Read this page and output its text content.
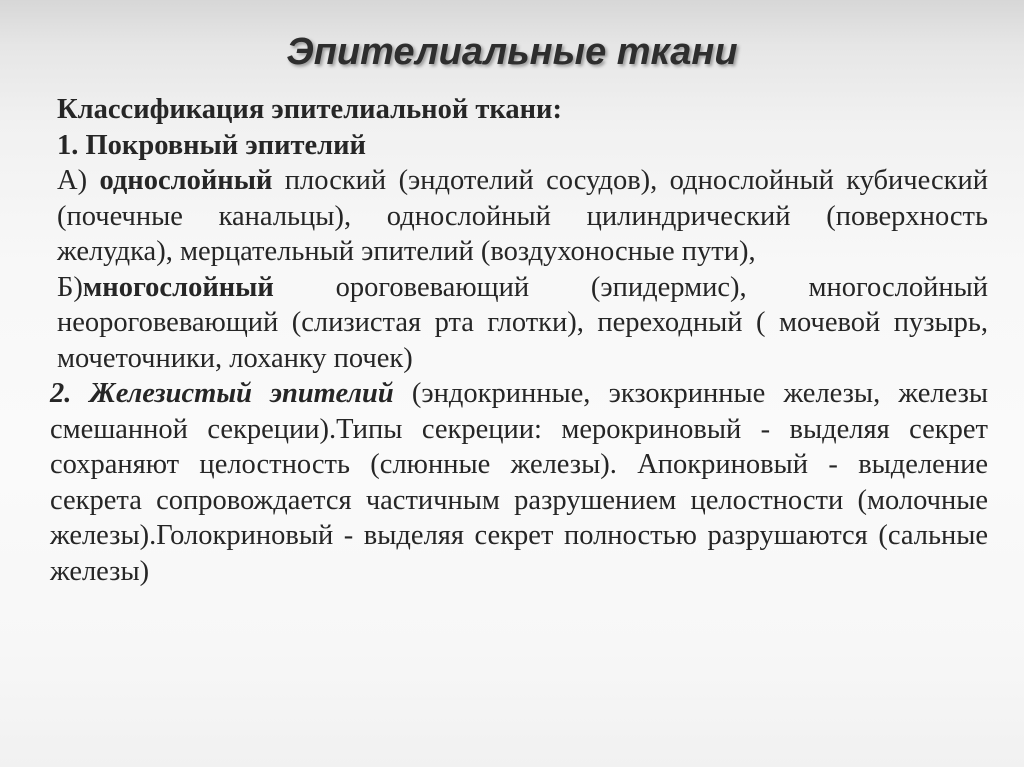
Эпителиальные ткани

Классификация эпителиальной ткани:

1. Покровный эпителий

А) однослойный плоский (эндотелий сосудов), однослойный кубический (почечные канальцы), однослойный цилиндрический (поверхность желудка), мерцательный эпителий (воздухоносные пути),

Б)многослойный ороговевающий (эпидермис), многослойный неороговевающий (слизистая рта глотки), переходный ( мочевой пузырь, мочеточники, лоханку почек)

2. Железистый эпителий (эндокринные, экзокринные железы, железы смешанной секреции).Типы секреции: мерокриновый - выделяя секрет сохраняют целостность (слюнные железы). Апокриновый - выделение секрета сопровождается частичным разрушением целостности (молочные железы).Голокриновый - выделяя секрет полностью разрушаются (сальные железы)
